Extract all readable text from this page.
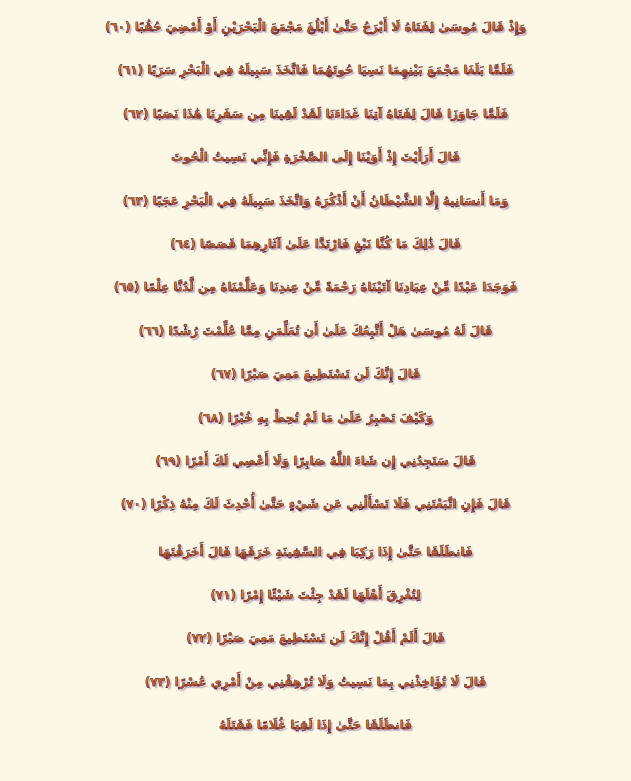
وَإِذْ قَالَ مُوسَىٰ لِفَتَاهُ لَا أَبْرَحُ حَتَّىٰ أَبْلُغَ مَجْمَعَ الْبَحْرَيْنِ أَوْ أَمْضِيَ حُقُبًا (٦٠)
فَلَمَّا بَلَغَا مَجْمَعَ بَيْنِهِمَا نَسِيَا حُوتَهُمَا فَاتَّخَذَ سَبِيلَهُ فِي الْبَحْرِ سَرَبًا (٦١)
فَلَمَّا جَاوَزَا قَالَ لِفَتَاهُ آتِنَا غَدَاءَنَا لَقَدْ لَقِينَا مِن سَفَرِنَا هَٰذَا نَصَبًا (٦٢)
قَالَ أَرَأَيْتَ إِذْ أَوَيْنَا إِلَى الصَّخْرَةِ فَإِنِّي نَسِيتُ الْحُوتَ
وَمَا أَنسَانِيهُ إِلَّا الشَّيْطَانُ أَنْ أَذْكُرَهُ وَاتَّخَذَ سَبِيلَهُ فِي الْبَحْرِ عَجَبًا (٦٣)
قَالَ ذَٰلِكَ مَا كُنَّا نَبْغِ فَارْتَدَّا عَلَىٰ آثَارِهِمَا قَصَصًا (٦٤)
فَوَجَدَا عَبْدًا مِّنْ عِبَادِنَا آتَيْنَاهُ رَحْمَةً مِّنْ عِندِنَا وَعَلَّمْنَاهُ مِن لَّدُنَّا عِلْمًا (٦٥)
قَالَ لَهُ مُوسَىٰ هَلْ أَتَّبِعُكَ عَلَىٰ أَن تُعَلِّمَنِ مِمَّا عُلِّمْتَ رُشْدًا (٦٦)
قَالَ إِنَّكَ لَن تَسْتَطِيعَ مَعِيَ صَبْرًا (٦٧)
وَكَيْفَ تَصْبِرُ عَلَىٰ مَا لَمْ تُحِطْ بِهِ خُبْرًا (٦٨)
قَالَ سَتَجِدُنِي إِن شَاءَ اللَّهُ صَابِرًا وَلَا أَعْصِي لَكَ أَمْرًا (٦٩)
قَالَ فَإِنِ اتَّبَعْتَنِي فَلَا تَسْأَلْنِي عَن شَيْءٍ حَتَّىٰ أُحْدِثَ لَكَ مِنْهُ ذِكْرًا (٧٠)
فَانطَلَقَا حَتَّىٰ إِذَا رَكِبَا فِي السَّفِينَةِ خَرَقَهَا قَالَ أَخَرَقْتَهَا
لِتُغْرِقَ أَهْلَهَا لَقَدْ جِئْتَ شَيْئًا إِمْرًا (٧١)
قَالَ أَلَمْ أَقُلْ إِنَّكَ لَن تَسْتَطِيعَ مَعِيَ صَبْرًا (٧٢)
قَالَ لَا تُؤَاخِذْنِي بِمَا نَسِيتُ وَلَا تُرْهِقْنِي مِنْ أَمْرِي عُسْرًا (٧٣)
فَانطَلَقَا حَتَّىٰ إِذَا لَقِيَا غُلَامًا فَقَتَلَهُ
